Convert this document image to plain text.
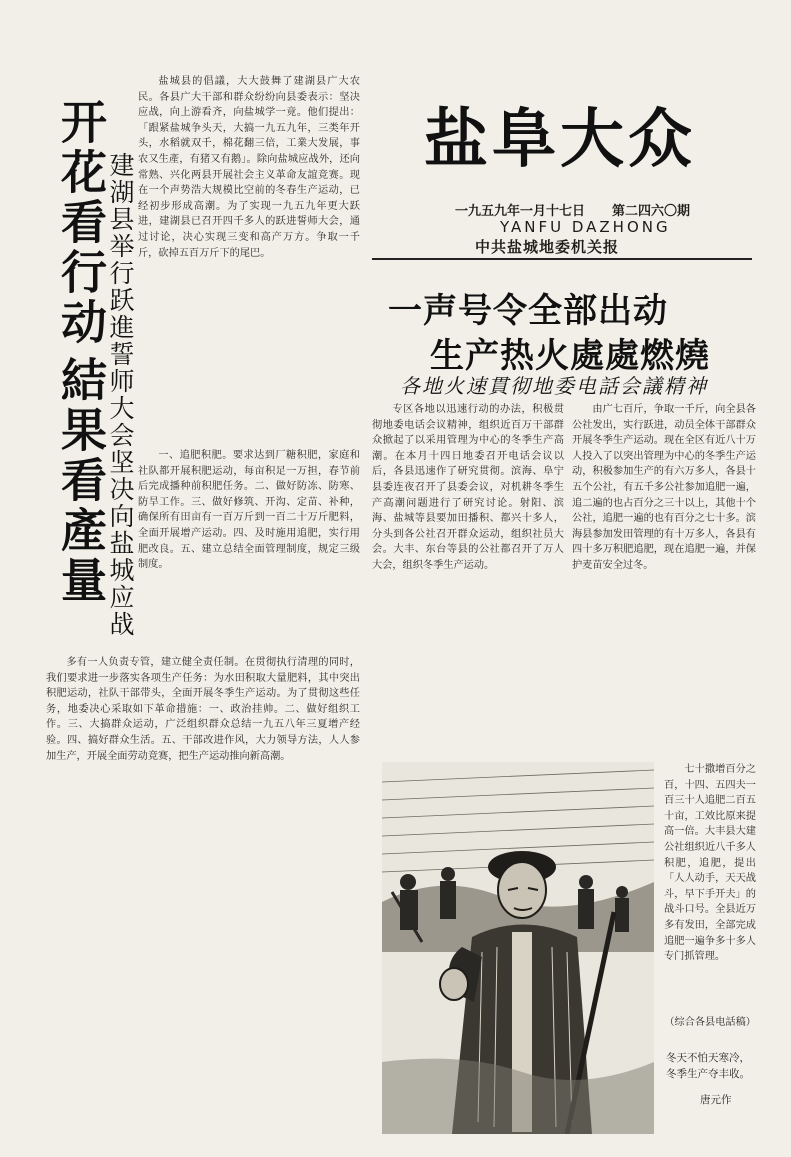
盐阜大众
一九五九年一月十七日 第二四六〇期
YANFU DAZHONG
中共盐城地委机关报
开花看行动
結果看產量
建湖县举行跃進誓师大会坚决向盐城应战

盐城县的倡議，大大鼓舞了建湖县广大农民。各县广大干部和群众纷纷向县委表示：坚决应战，向上游看齐，向盐城学一竟。他们提出：「跟紧盐城争头天，大搞一九五九年，三类年开头，水稻就双千，棉花翻三倍，工業大发展，事农又生產，有猪又有鹅」。除向盐城应战外，还向常熟、兴化两县开展社会主义革命友誼竞赛。现在一个声势浩大规模比空前的冬春生产运动，已经初步形成高潮。为了实现一九五九年更大跃进，建湖县已召开四千多人的跃进誓师大会，通过讨论，决心实现三变和高产万方。争取一千斤，砍掉五百万斤下的尾巴。

一、追肥积肥。要求达到厂糖积肥，家庭和社队都开展积肥运动，每亩积足一万担，春节前后完成播种前积肥任务。二、做好防冻、防寒、防旱工作。三、做好修筑、开沟、定苗、补种，确保所有田亩有一百万斤到一百二十万斤肥料，全面开展增产运动。四、及时施用追肥，实行用肥改良。五、建立总结全面管理制度，规定三级制度。

多有一人负责专管，建立健全责任制。在贯彻执行清理的同时，我们要求进一步落实各项生产任务：为水田积取大量肥料，其中突出积肥运动，社队干部带头，全面开展冬季生产运动。为了贯彻这些任务，地委决心采取如下革命措施：一、政治挂帅。二、做好组织工作。三、大搞群众运动，广泛组织群众总结一九五八年三夏增产经验。四、搞好群众生活。五、干部改进作风，大力领导方法，人人参加生产，开展全面劳动竞赛，把生产运动推向新高潮。

一声号令全部出动
生产热火處處燃燒
各地火速貫彻地委电話会議精神

专区各地以迅速行动的办法，积极贯彻地委电话会议精神，组织近百万干部群众掀起了以采用管理为中心的冬季生产高潮。在本月十四日地委召开电话会议以后，各县迅速作了研究贯彻。滨海、阜宁县委连夜召开了县委会议，对机耕冬季生产高潮问题进行了研究讨论。射阳、滨海、盐城等县要加田播积、都兴十多人，分头到各公社召开群众运动，组织社员大会。大丰、东台等县的公社都召开了万人大会，组织冬季生产运动。

由广七百斤，争取一千斤，向全县各公社发出，实行跃进，动员全体干部群众开展冬季生产运动。现在全区有近八十万人投入了以突出管理为中心的冬季生产运动，积极参加生产的有六万多人，各县十五个公社，有五千多公社参加追肥一遍，追二遍的也占百分之三十以上，其他十个公社，追肥一遍的也有百分之七十多。滨海县参加发田管理的有十万多人，各县有四十多万积肥追肥，现在追肥一遍，并保护麦苗安全过冬。

七十撒增百分之百，十四、五四夫一百三十人追肥二百五十亩，工效比原来提高一倍。大丰县大建公社组织近八千多人积肥，追肥，提出「人人动手，天天战斗，早下手开夫」的战斗口号。全县近万多有发田，全部完成追肥一遍争多十多人专门抓管理。

（综合各县电話稿）
冬天不怕天寒冷，冬季生产夺丰收。
唐元作
